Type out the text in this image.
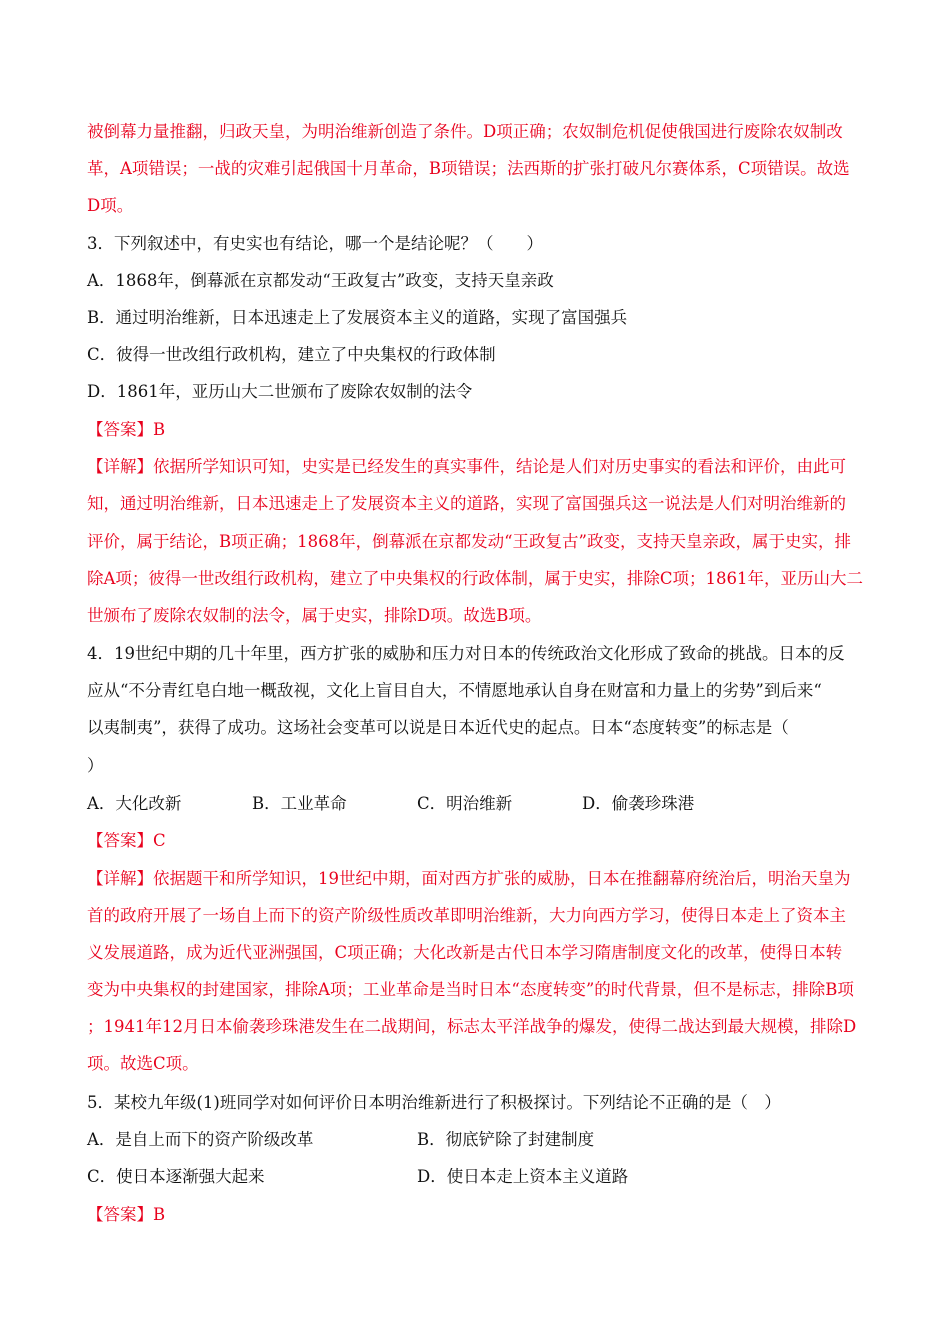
被倒幕力量推翻，归政天皇，为明治维新创造了条件。D项正确；农奴制危机促使俄国进行废除农奴制改
革，A项错误；一战的灾难引起俄国十月革命，B项错误；法西斯的扩张打破凡尔赛体系，C项错误。故选
D项。
3．下列叙述中，有史实也有结论，哪一个是结论呢？（　　）
A．1868年，倒幕派在京都发动“王政复古”政变，支持天皇亲政
B．通过明治维新，日本迅速走上了发展资本主义的道路，实现了富国强兵
C．彼得一世改组行政机构，建立了中央集权的行政体制
D．1861年，亚历山大二世颁布了废除农奴制的法令
【答案】B
【详解】依据所学知识可知，史实是已经发生的真实事件，结论是人们对历史事实的看法和评价，由此可
知，通过明治维新，日本迅速走上了发展资本主义的道路，实现了富国强兵这一说法是人们对明治维新的
评价，属于结论，B项正确；1868年，倒幕派在京都发动“王政复古”政变，支持天皇亲政，属于史实，排
除A项；彼得一世改组行政机构，建立了中央集权的行政体制，属于史实，排除C项；1861年，亚历山大二
世颁布了废除农奴制的法令，属于史实，排除D项。故选B项。
4．19世纪中期的几十年里，西方扩张的威胁和压力对日本的传统政治文化形成了致命的挑战。日本的反
应从“不分青红皂白地一概敌视，文化上盲目自大，不情愿地承认自身在财富和力量上的劣势”到后来“
以夷制夷”，获得了成功。这场社会变革可以说是日本近代史的起点。日本“态度转变”的标志是（
）
A．大化改新	B．工业革命	C．明治维新	D．偷袭珍珠港
【答案】C
【详解】依据题干和所学知识，19世纪中期，面对西方扩张的威胁，日本在推翻幕府统治后，明治天皇为
首的政府开展了一场自上而下的资产阶级性质改革即明治维新，大力向西方学习，使得日本走上了资本主
义发展道路，成为近代亚洲强国，C项正确；大化改新是古代日本学习隋唐制度文化的改革，使得日本转
变为中央集权的封建国家，排除A项；工业革命是当时日本“态度转变”的时代背景，但不是标志，排除B项
；1941年12月日本偷袭珍珠港发生在二战期间，标志太平洋战争的爆发，使得二战达到最大规模，排除D
项。故选C项。
5．某校九年级(1)班同学对如何评价日本明治维新进行了积极探讨。下列结论不正确的是（　）
A．是自上而下的资产阶级改革	B．彻底铲除了封建制度
C．使日本逐渐强大起来	D．使日本走上资本主义道路
【答案】B
